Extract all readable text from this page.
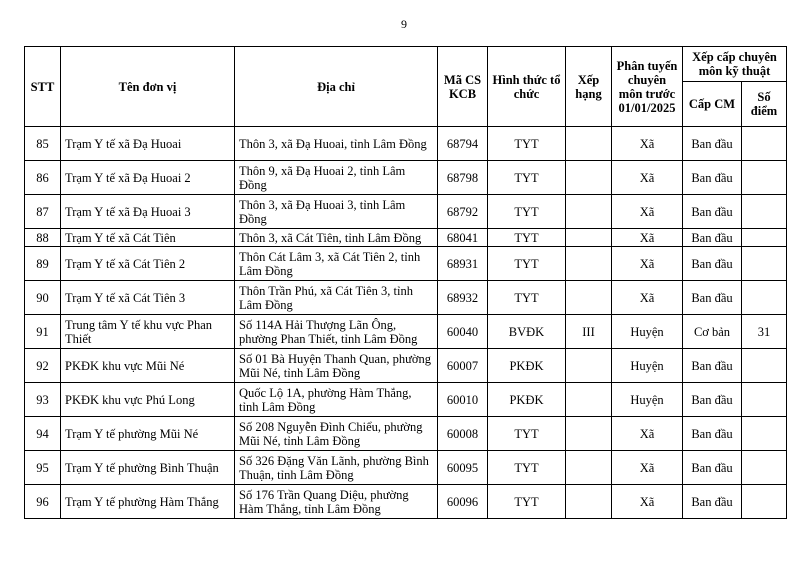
9
STT	Tên đơn vị	Địa chỉ	Mã CS KCB	Hình thức tổ chức	Xếp hạng	Phân tuyến chuyên môn trước 01/01/2025	Xếp cấp chuyên môn kỹ thuật	
							Cấp CM	Số điểm
85	Trạm Y tế xã Đạ Huoai	Thôn 3, xã Đạ Huoai, tỉnh Lâm Đồng	68794	TYT		Xã	Ban đầu	
86	Trạm Y tế xã Đạ Huoai 2	Thôn 9, xã Đạ Huoai 2, tỉnh Lâm Đồng	68798	TYT		Xã	Ban đầu	
87	Trạm Y tế xã Đạ Huoai 3	Thôn 3, xã Đạ Huoai 3, tỉnh Lâm Đồng	68792	TYT		Xã	Ban đầu	
88	Trạm Y tế xã Cát Tiên	Thôn 3, xã Cát Tiên, tỉnh Lâm Đồng	68041	TYT		Xã	Ban đầu	
89	Trạm Y tế xã Cát Tiên 2	Thôn Cát Lâm 3, xã Cát Tiên 2, tỉnh Lâm Đồng	68931	TYT		Xã	Ban đầu	
90	Trạm Y tế xã Cát Tiên 3	Thôn Trần Phú, xã Cát Tiên 3, tỉnh Lâm Đồng	68932	TYT		Xã	Ban đầu	
91	Trung tâm Y tế khu vực Phan Thiết	Số 114A Hải Thượng Lãn Ông, phường Phan Thiết, tỉnh Lâm Đồng	60040	BVĐK	III	Huyện	Cơ bản	31
92	PKĐK khu vực Mũi Né	Số 01 Bà Huyện Thanh Quan, phường Mũi Né, tỉnh Lâm Đồng	60007	PKĐK		Huyện	Ban đầu	
93	PKĐK khu vực Phú Long	Quốc Lộ 1A, phường Hàm Thắng, tỉnh Lâm Đồng	60010	PKĐK		Huyện	Ban đầu	
94	Trạm Y tế phường Mũi Né	Số 208 Nguyễn Đình Chiểu, phường Mũi Né, tỉnh Lâm Đồng	60008	TYT		Xã	Ban đầu	
95	Trạm Y tế phường Bình Thuận	Số 326 Đặng Văn Lãnh, phường Bình Thuận, tỉnh Lâm Đồng	60095	TYT		Xã	Ban đầu	
96	Trạm Y tế phường Hàm Thắng	Số 176 Trần Quang Diệu, phường Hàm Thắng, tỉnh Lâm Đồng	60096	TYT		Xã	Ban đầu	
